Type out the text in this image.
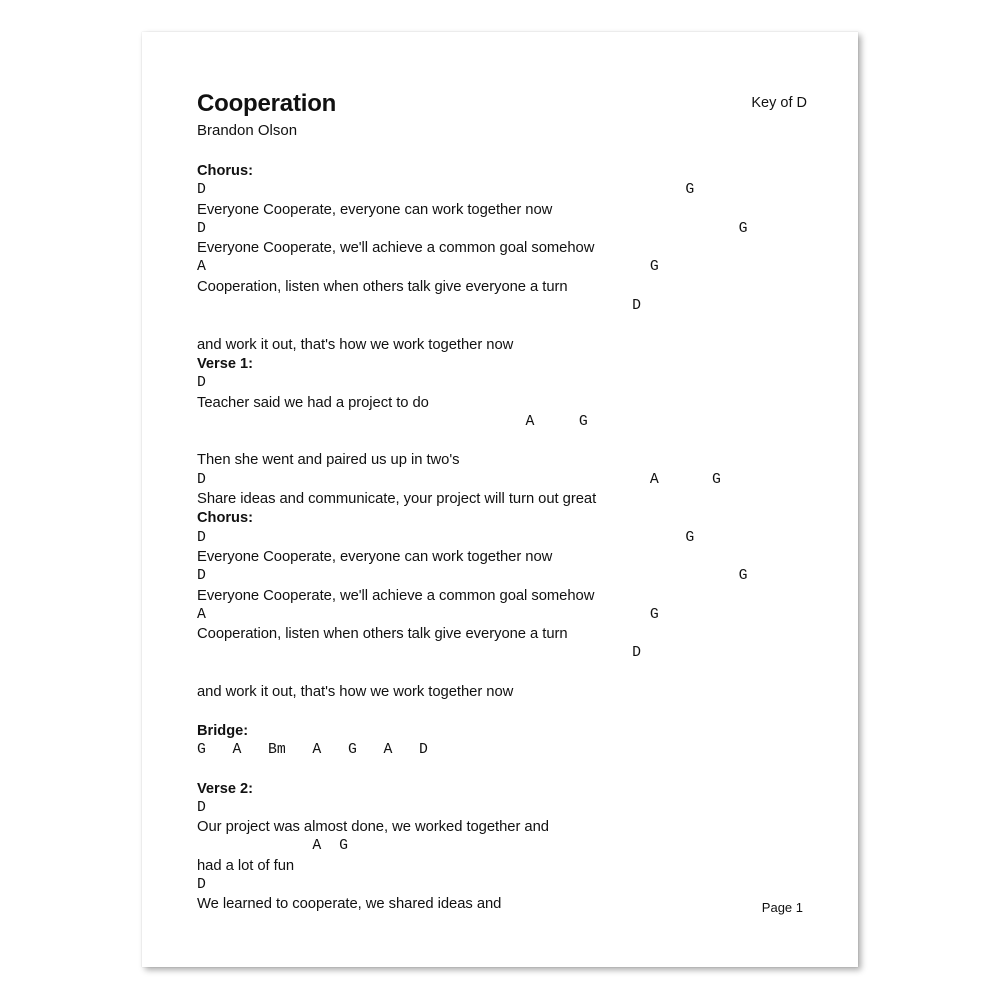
Cooperation

Brandon Olson

Key of D
Chorus:
D                                                      G
Everyone Cooperate, everyone can work together now
D                                                            G
Everyone Cooperate, we'll achieve a common goal somehow
A                                                  G
Cooperation, listen when others talk give everyone a turn
D
and work it out, that's how we work together now
Verse 1:
D
Teacher said we had a project to do
A     G
Then she went and paired us up in two's
D                                                  A      G
Share ideas and communicate, your project will turn out great
Chorus:
D                                                      G
Everyone Cooperate, everyone can work together now
D                                                            G
Everyone Cooperate, we'll achieve a common goal somehow
A                                                  G
Cooperation, listen when others talk give everyone a turn
D
and work it out, that's how we work together now
Bridge:
G   A   Bm   A   G   A   D
Verse 2:
D
Our project was almost done, we worked together and
A  G
had a lot of fun
D
We learned to cooperate, we shared ideas and	Page 1
